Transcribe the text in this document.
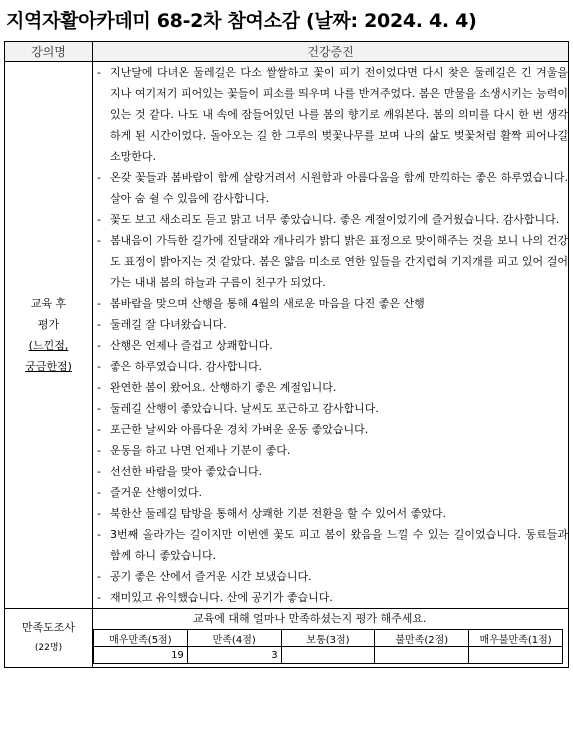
지역자활아카데미 68-2차 참여소감 (날짜: 2024. 4. 4)
강의명	건강증진

교육 후
평가
(느낀점,
궁금한점)

- 지난달에 다녀온 둘레길은 다소 쌀쌀하고 꽃이 피기 전이었다면 다시 찾은 둘레길은 긴 겨울을 지나 여기저기 피어있는 꽃들이 피소를 띄우며 나를 반겨주었다. 봄은 만물을 소생시키는 능력이 있는 것 같다. 나도 내 속에 잠들어있던 나를 봄의 향기로 깨워본다. 봄의 의미를 다시 한 번 생각하게 된 시간이었다. 돌아오는 길 한 그루의 벚꽃나무를 보며 나의 삶도 벚꽃처럼 활짝 피어나길 소망한다.
- 온갖 꽃들과 봄바람이 함께 살랑거려서 시원함과 아름다움을 함께 만끽하는 좋은 하루였습니다. 살아 숨 쉴 수 있음에 감사합니다.
- 꽃도 보고 새소리도 듣고 맑고 너무 좋았습니다. 좋은 계절이었기에 즐거웠습니다. 감사합니다.
- 봄내음이 가득한 길가에 진달래와 개나리가 밝디 밝은 표정으로 맞이해주는 것을 보니 나의 건강도 표정이 밝아지는 것 같았다. 봄은 얇음 미소로 연한 잎들을 간지럽혀 기지개를 피고 있어 걸어가는 내내 봄의 하늘과 구름이 친구가 되었다.
- 봄바람을 맞으며 산행을 통해 4월의 새로운 마음을 다진 좋은 산행
- 둘레길 잘 다녀왔습니다.
- 산행은 언제나 즐겁고 상쾌합니다.
- 좋은 하루였습니다. 감사합니다.
- 완연한 봄이 왔어요. 산행하기 좋은 계절입니다.
- 둘레길 산행이 좋았습니다. 날씨도 포근하고 감사합니다.
- 포근한 날씨와 아름다운 경치 가벼운 운동 좋았습니다.
- 운동을 하고 나면 언제나 기분이 좋다.
- 선선한 바람을 맞아 좋았습니다.
- 즐거운 산행이었다.
- 북한산 둘레길 탐방을 통해서 상쾌한 기분 전환을 할 수 있어서 좋았다.
- 3번째 올라가는 길이지만 이번엔 꽃도 피고 봄이 왔음을 느낄 수 있는 길이었습니다. 동료들과 함께 하니 좋았습니다.
- 공기 좋은 산에서 즐거운 시간 보냈습니다.
- 재미있고 유익했습니다. 산에 공기가 좋습니다.

만족도조사
(22명)

교육에 대해 얼마나 만족하셨는지 평가 해주세요.
매우만족(5점)	만족(4점)	보통(3점)	불만족(2점)	매우불만족(1점)
19	3			
